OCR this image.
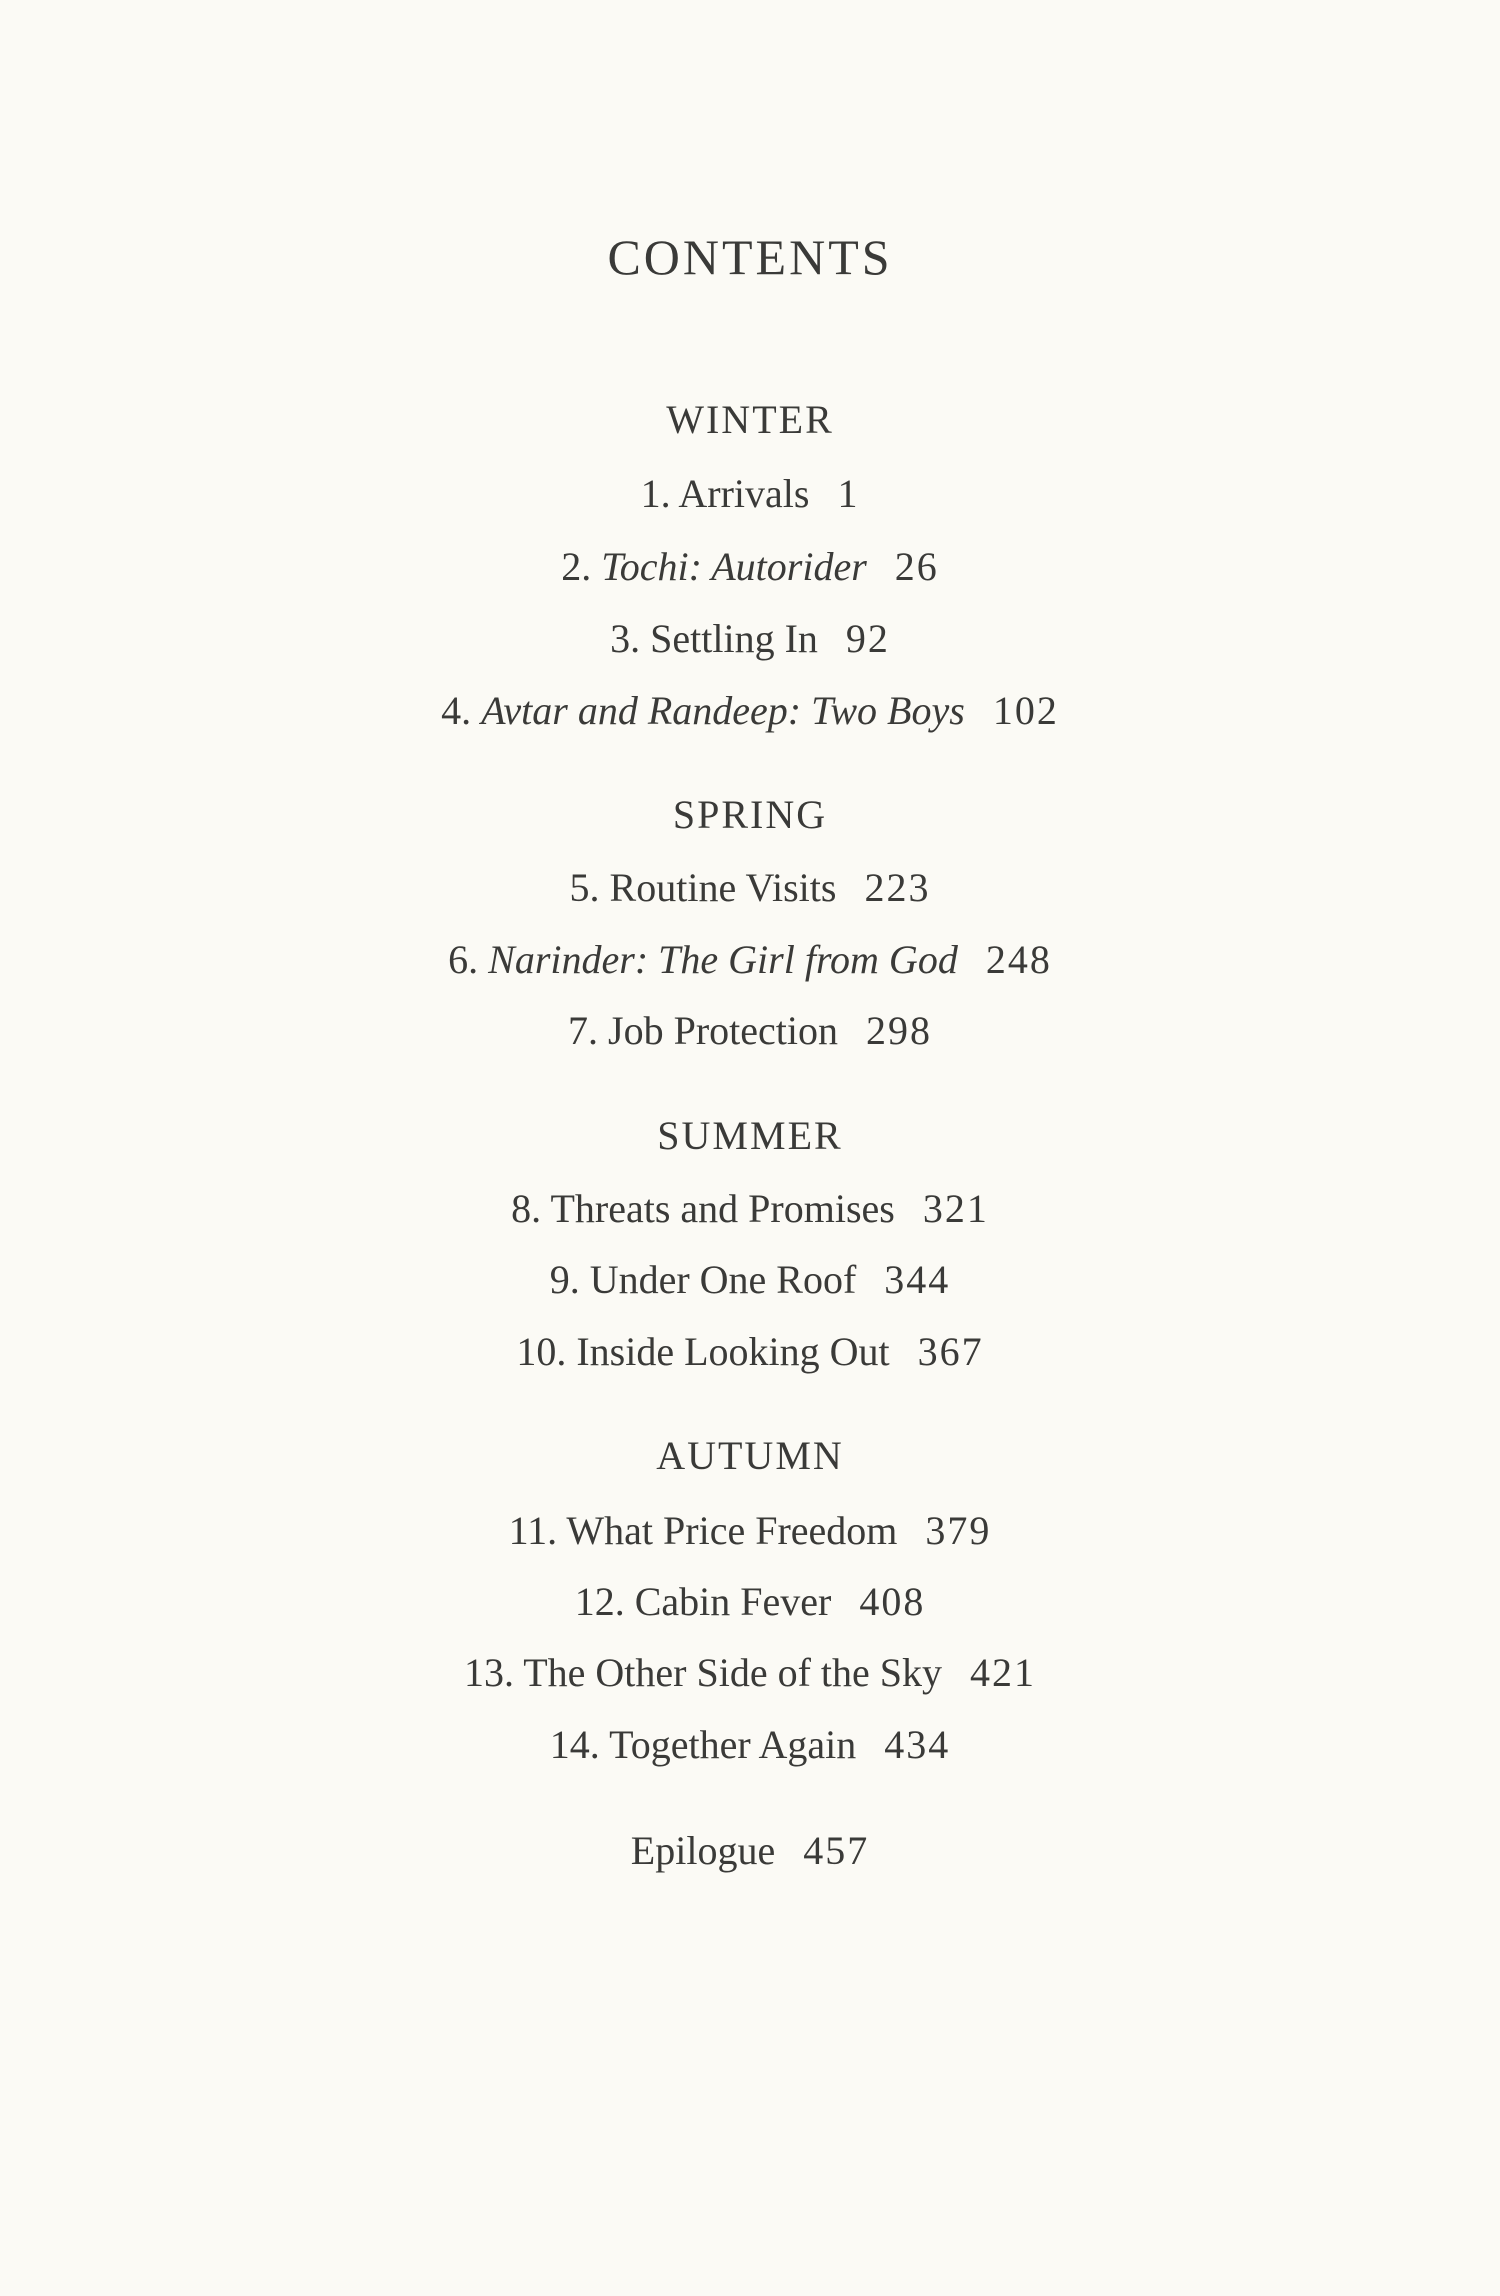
CONTENTS
WINTER
1. Arrivals 1
2. Tochi: Autorider 26
3. Settling In 92
4. Avtar and Randeep: Two Boys 102
SPRING
5. Routine Visits 223
6. Narinder: The Girl from God 248
7. Job Protection 298
SUMMER
8. Threats and Promises 321
9. Under One Roof 344
10. Inside Looking Out 367
AUTUMN
11. What Price Freedom 379
12. Cabin Fever 408
13. The Other Side of the Sky 421
14. Together Again 434
Epilogue 457
